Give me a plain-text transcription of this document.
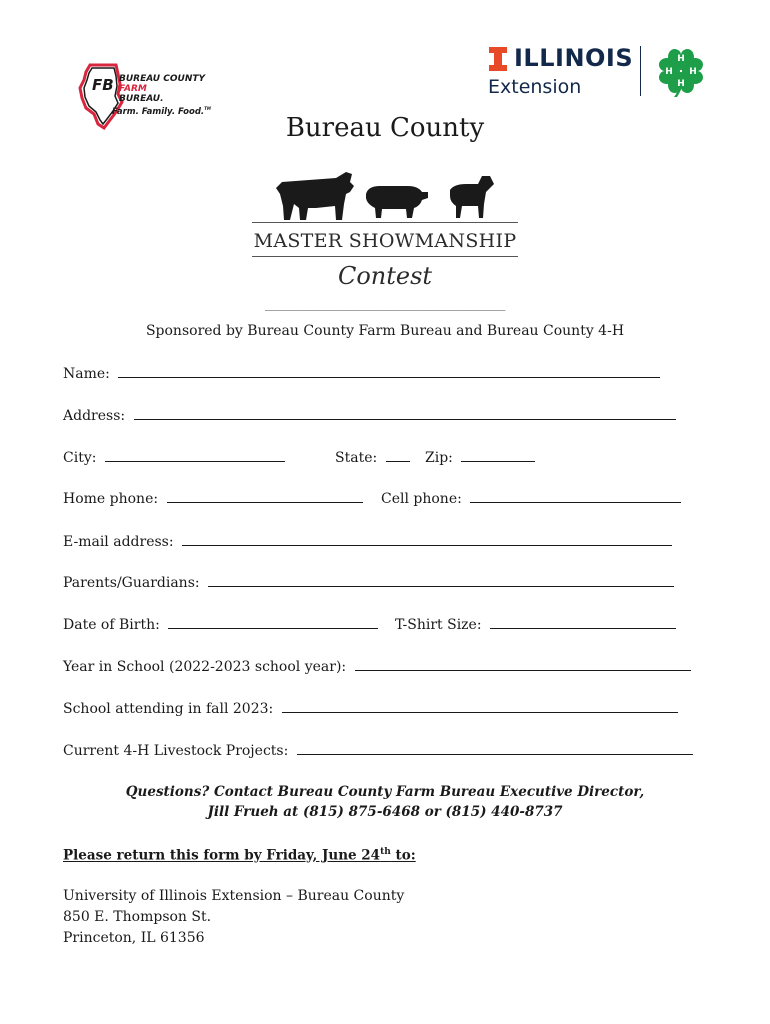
FB BUREAU COUNTY
FARM
BUREAU.
Farm. Family. Food.™
ILLINOIS
Extension
H
H
H
H
Bureau County
MASTER SHOWMANSHIP
Contest
________________________________________________
Sponsored by Bureau County Farm Bureau and Bureau County 4-H
Name:
Address:
City:	State:	Zip:
Home phone:	Cell phone:
E-mail address:
Parents/Guardians:
Date of Birth:	T-Shirt Size:
Year in School (2022-2023 school year):
School attending in fall 2023:
Current 4-H Livestock Projects:
Questions? Contact Bureau County Farm Bureau Executive Director,
Jill Frueh at (815) 875-6468 or (815) 440-8737
Please return this form by Friday, June 24th to:
University of Illinois Extension – Bureau County
850 E. Thompson St.
Princeton, IL 61356
